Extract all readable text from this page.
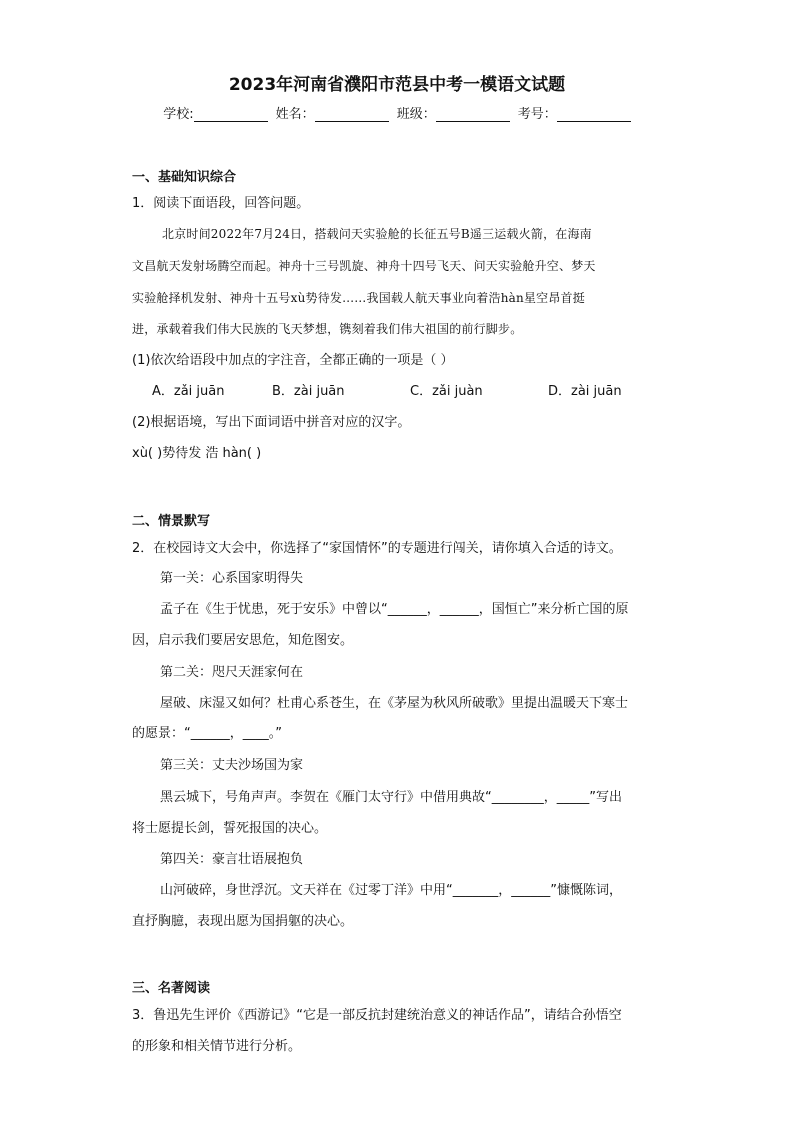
2023年河南省濮阳市范县中考一模语文试题
学校:	姓名：	班级：	考号：
一、基础知识综合
1．阅读下面语段，回答问题。
北京时间2022年7月24日，搭载问天实验舱的长征五号B遥三运载火箭，在海南
文昌航天发射场腾空而起。神舟十三号凯旋、神舟十四号飞天、问天实验舱升空、梦天
实验舱择机发射、神舟十五号xù势待发……我国载人航天事业向着浩hàn星空昂首挺
进，承载着我们伟大民族的飞天梦想，镌刻着我们伟大祖国的前行脚步。
(1)依次给语段中加点的字注音，全都正确的一项是（ ）
A．zǎi juān	B．zài juān	C．zǎi juàn	D．zài juān
(2)根据语境，写出下面词语中拼音对应的汉字。
xù( )势待发 浩 hàn( )
二、情景默写
2．在校园诗文大会中，你选择了“家国情怀”的专题进行闯关，请你填入合适的诗文。
第一关：心系国家明得失
孟子在《生于忧患，死于安乐》中曾以“______，______，国恒亡”来分析亡国的原
因，启示我们要居安思危，知危图安。
第二关：咫尺天涯家何在
屋破、床湿又如何？杜甫心系苍生，在《茅屋为秋风所破歌》里提出温暖天下寒士
的愿景：“______，____。”
第三关：丈夫沙场国为家
黑云城下，号角声声。李贺在《雁门太守行》中借用典故“________，_____”写出
将士愿提长剑，誓死报国的决心。
第四关：豪言壮语展抱负
山河破碎，身世浮沉。文天祥在《过零丁洋》中用“_______，______”慷慨陈词，
直抒胸臆，表现出愿为国捐躯的决心。
三、名著阅读
3．鲁迅先生评价《西游记》“它是一部反抗封建统治意义的神话作品”，请结合孙悟空
的形象和相关情节进行分析。
